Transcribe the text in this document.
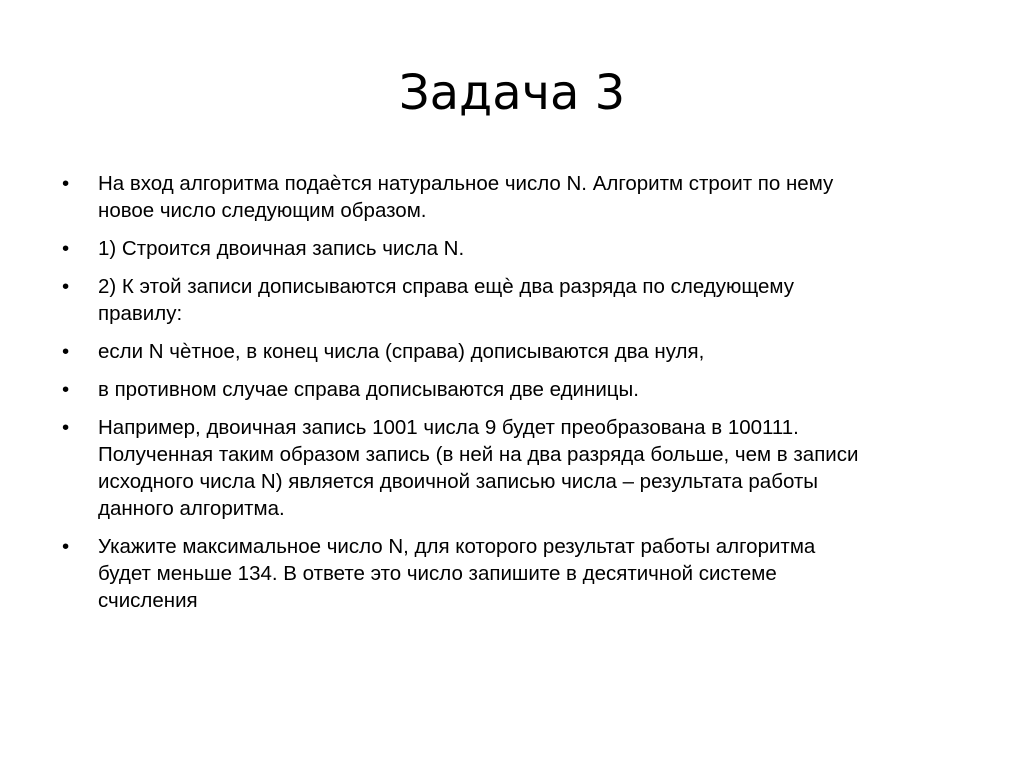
Задача 3
• На вход алгоритма подаѐтся натуральное число N. Алгоритм строит по нему
новое число следующим образом.
• 1) Строится двоичная запись числа N.
• 2) К этой записи дописываются справа ещѐ два разряда по следующему
правилу:
• если N чѐтное, в конец числа (справа) дописываются два нуля,
• в противном случае справа дописываются две единицы.
• Например, двоичная запись 1001 числа 9 будет преобразована в 100111.
Полученная таким образом запись (в ней на два разряда больше, чем в записи
исходного числа N) является двоичной записью числа – результата работы
данного алгоритма.
• Укажите максимальное число N, для которого результат работы алгоритма
будет меньше 134. В ответе это число запишите в десятичной системе
счисления
